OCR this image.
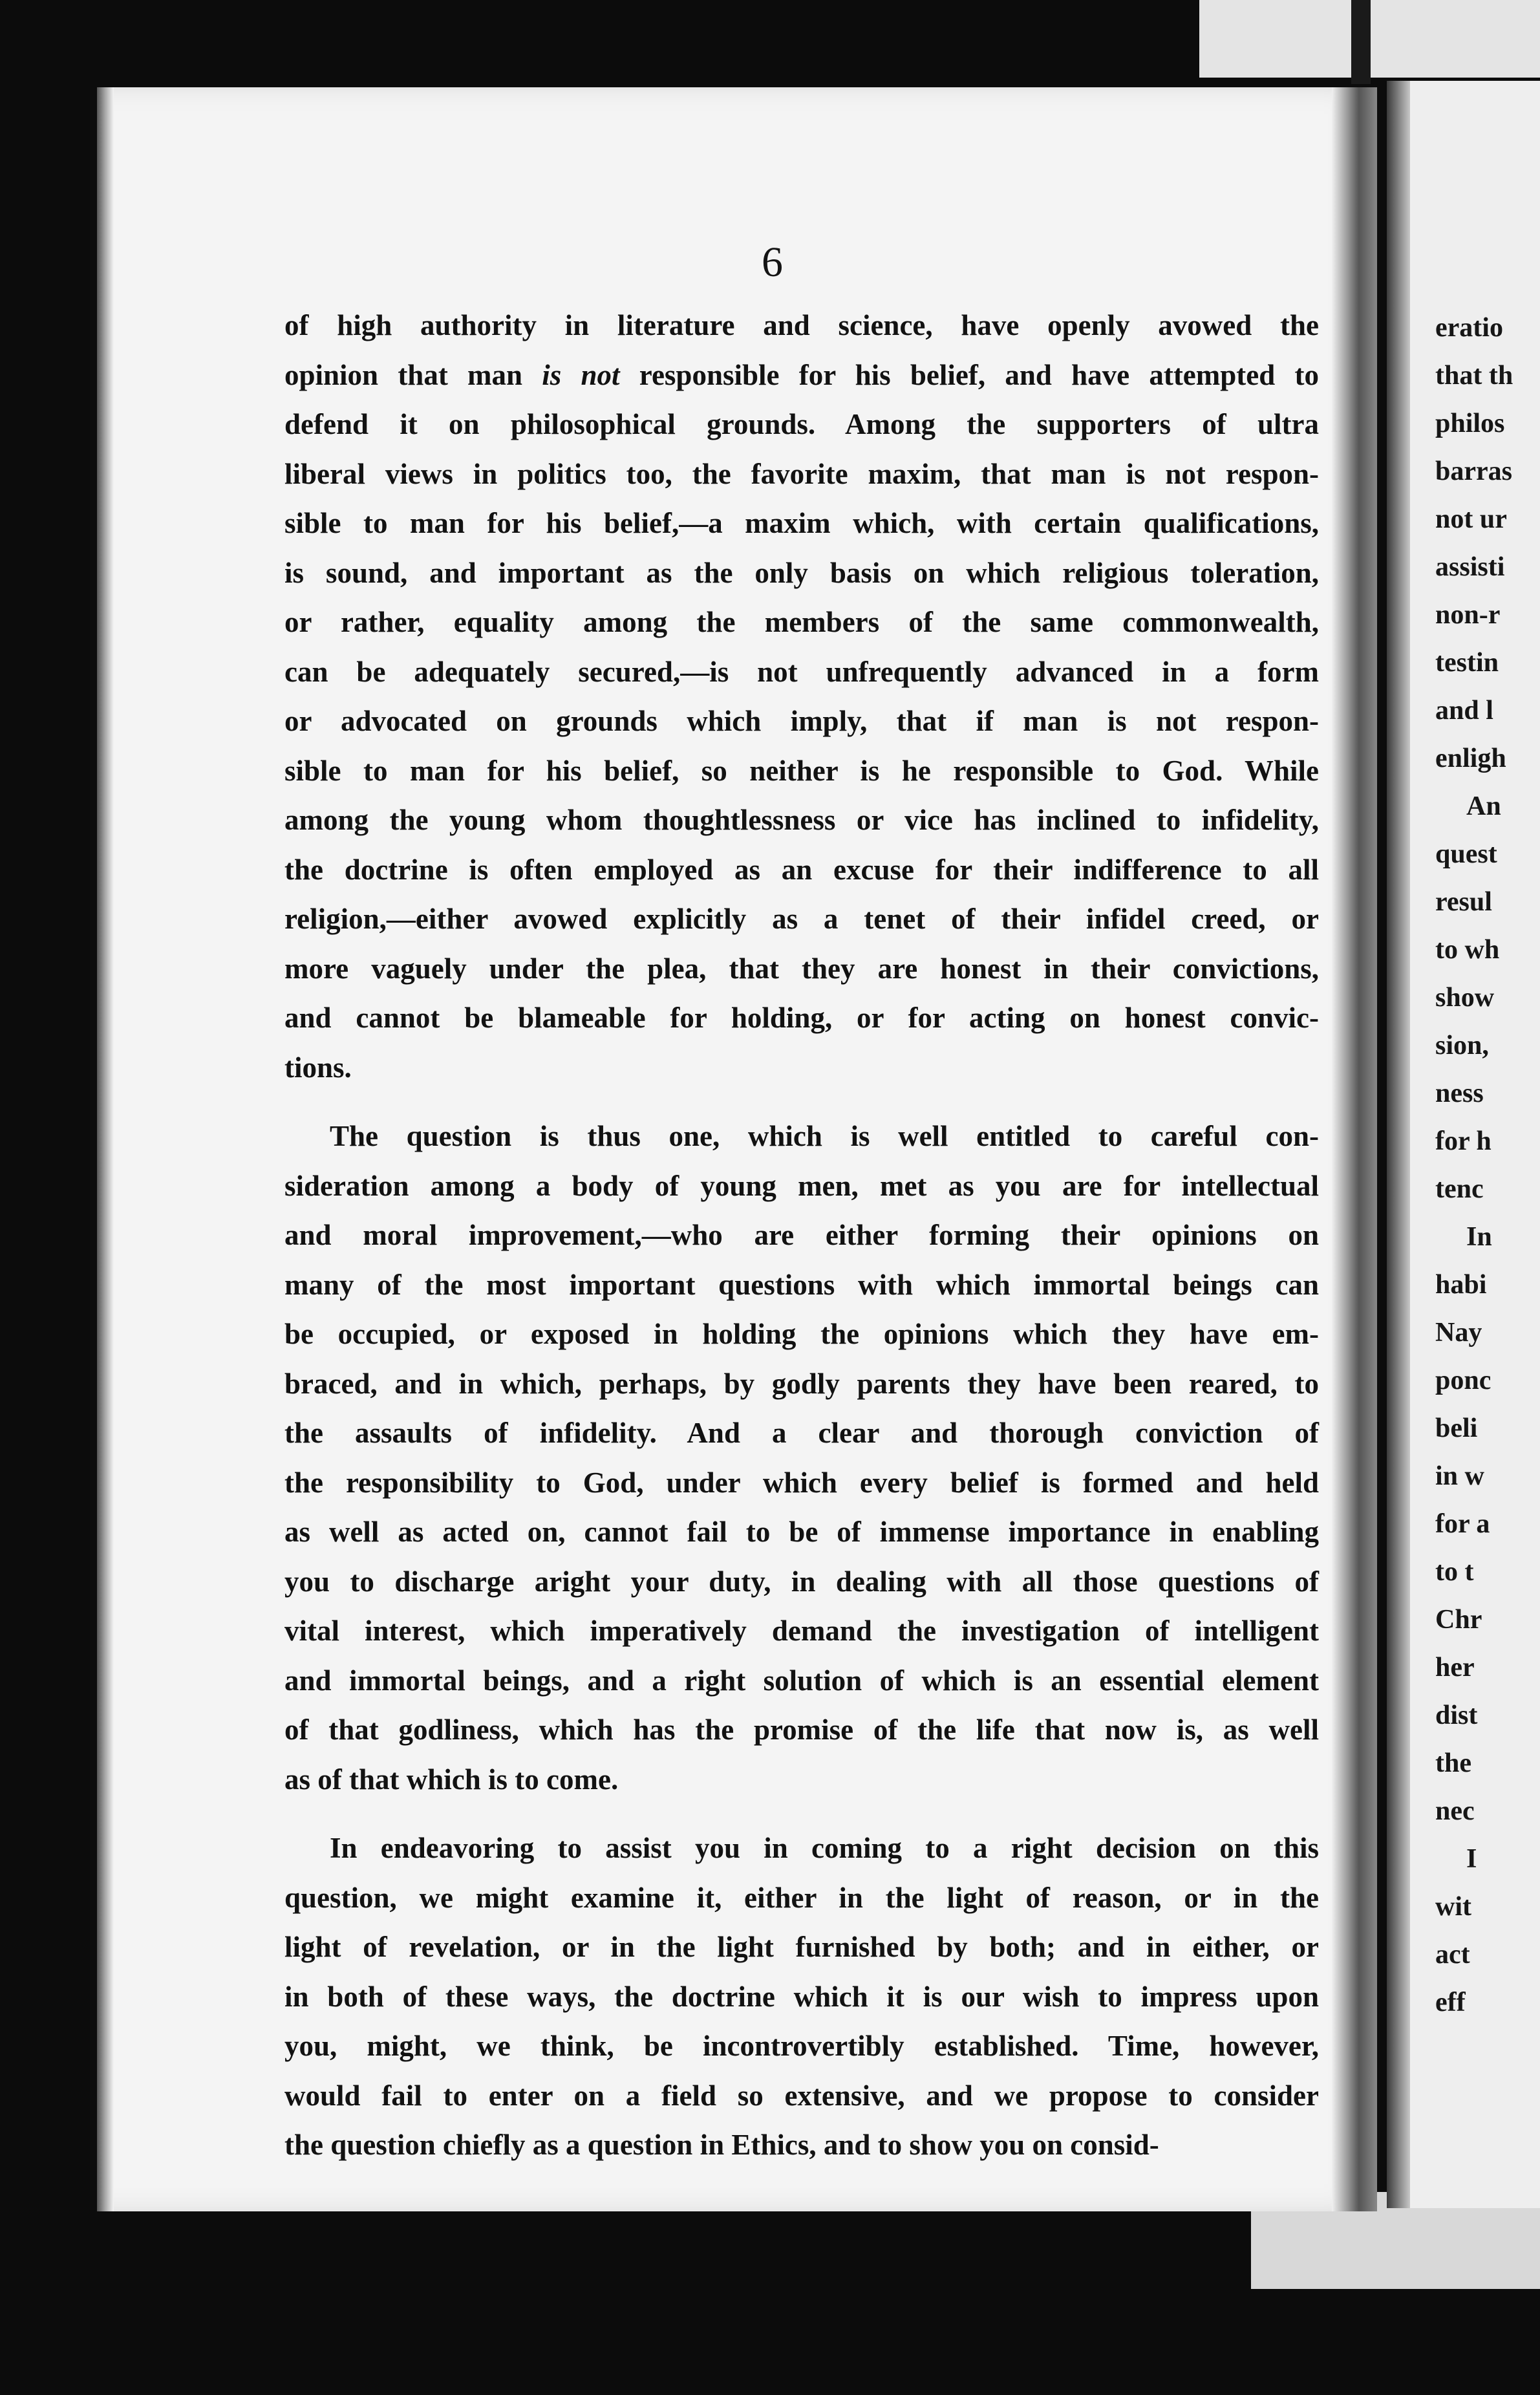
eratio
that th
philos
barras
not ur
assisti
non-r
testin
and l
enligh
An
quest
resul
to wh
show
sion,
ness
for h
tenc
In
habi
Nay
ponc
beli
in w
for a
to t
Chr
her
dist
the
nec
I
wit
act
eff
6
of high authority in literature and science, have openly avowed the
opinion that man is not responsible for his belief, and have attempted to
defend it on philosophical grounds. Among the supporters of ultra
liberal views in politics too, the favorite maxim, that man is not respon-
sible to man for his belief,—a maxim which, with certain qualifications,
is sound, and important as the only basis on which religious toleration,
or rather, equality among the members of the same commonwealth,
can be adequately secured,—is not unfrequently advanced in a form
or advocated on grounds which imply, that if man is not respon-
sible to man for his belief, so neither is he responsible to God. While
among the young whom thoughtlessness or vice has inclined to infidelity,
the doctrine is often employed as an excuse for their indifference to all
religion,—either avowed explicitly as a tenet of their infidel creed, or
more vaguely under the plea, that they are honest in their convictions,
and cannot be blameable for holding, or for acting on honest convic-
tions.
The question is thus one, which is well entitled to careful con-
sideration among a body of young men, met as you are for intellectual
and moral improvement,—who are either forming their opinions on
many of the most important questions with which immortal beings can
be occupied, or exposed in holding the opinions which they have em-
braced, and in which, perhaps, by godly parents they have been reared, to
the assaults of infidelity. And a clear and thorough conviction of
the responsibility to God, under which every belief is formed and held
as well as acted on, cannot fail to be of immense importance in enabling
you to discharge aright your duty, in dealing with all those questions of
vital interest, which imperatively demand the investigation of intelligent
and immortal beings, and a right solution of which is an essential element
of that godliness, which has the promise of the life that now is, as well
as of that which is to come.
In endeavoring to assist you in coming to a right decision on this
question, we might examine it, either in the light of reason, or in the
light of revelation, or in the light furnished by both; and in either, or
in both of these ways, the doctrine which it is our wish to impress upon
you, might, we think, be incontrovertibly established. Time, however,
would fail to enter on a field so extensive, and we propose to consider
the question chiefly as a question in Ethics, and to show you on consid-
